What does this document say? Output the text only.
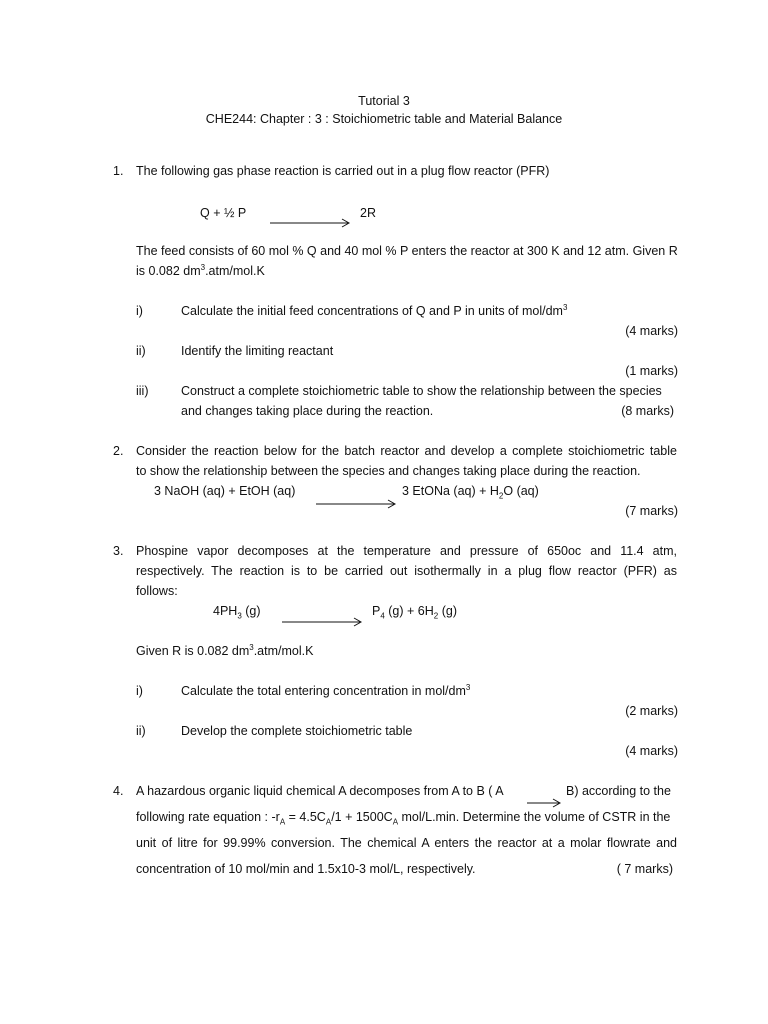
Tutorial 3
CHE244: Chapter : 3 : Stoichiometric table and Material Balance
1. The following gas phase reaction is carried out in a plug flow reactor (PFR)
Q + ½ P	2R
The feed consists of 60 mol % Q and 40 mol % P enters the reactor at 300 K and 12 atm. Given R
is 0.082 $dm^3.atm/mol.K$
i)	Calculate the initial feed concentrations of Q and P in units of mol/$dm^3$
(4 marks)
ii)	Identify the limiting reactant
(1 marks)
iii)	Construct a complete stoichiometric table to show the relationship between the species
and changes taking place during the reaction.	(8 marks)
2. Consider the reaction below for the batch reactor and develop a complete stoichiometric table
to show the relationship between the species and changes taking place during the reaction.
3 NaOH (aq) + EtOH (aq)	3 EtONa $(aq) + H_2O$ (aq)
(7 marks)
3. Phospine vapor decomposes at the temperature and pressure of 650oc and 11.4 atm,
respectively. The reaction is to be carried out isothermally in a plug flow reactor (PFR) as
follows:
$4PH_3$ (g)	$P_4$ $(g) + 6H_2$ (g)
Given R is 0.082 $dm^3.atm/mol.K$
i)	Calculate the total entering concentration in mol/$dm^3$
(2 marks)
ii)	Develop the complete stoichiometric table
(4 marks)
4. A hazardous organic liquid chemical A decomposes from A to B ( A	B) according to the
following rate equation : $-r_A = 4.5C_A/1 + 1500C_A$ mol/L.min. Determine the volume of CSTR in the
unit of litre for 99.99% conversion. The chemical A enters the reactor at a molar flowrate and
concentration of 10 mol/min and 1.5x10-3 mol/L, respectively.	( 7 marks)
